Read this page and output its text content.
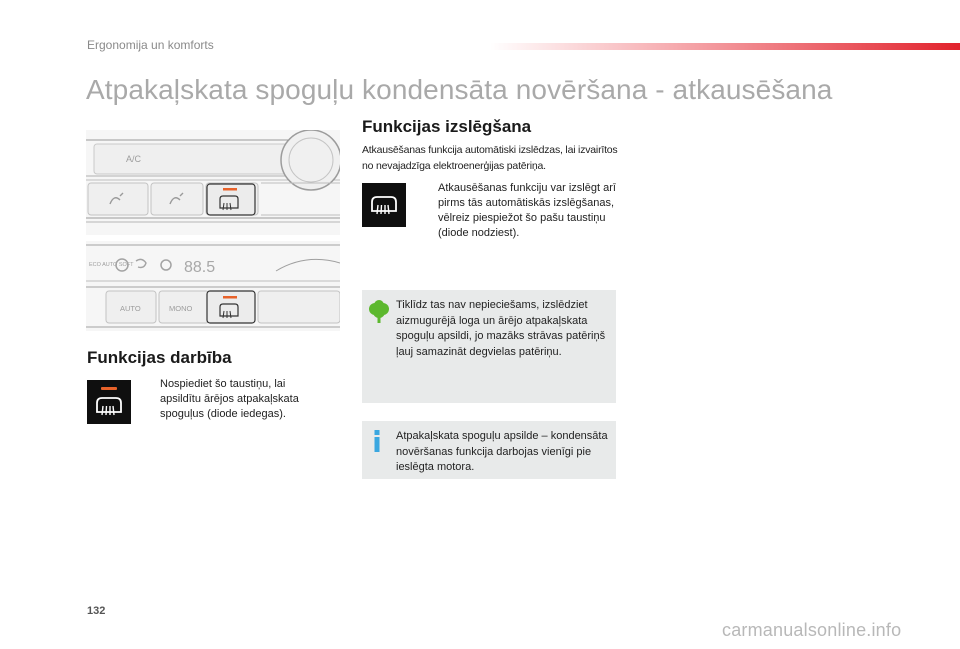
Ergonomija un komforts
Atpakaļskata spoguļu kondensāta novēršana - atkausēšana
A/C
ECO AUTO SOFT	88.5
AUTO	MONO
Funkcijas darbība
Nospiediet šo taustiņu, lai apsildītu ārējos atpakaļskata spoguļus (diode iedegas).
Funkcijas izslēgšana

Atkausēšanas funkcija automātiski izslēdzas, lai izvairītos no nevajadzīga elektroenerģijas patēriņa.

Atkausēšanas funkciju var izslēgt arī pirms tās automātiskās izslēgšanas, vēlreiz piespiežot šo pašu taustiņu (diode nodziest).
Tiklīdz tas nav nepieciešams, izslēdziet aizmugurējā loga un ārējo atpakaļskata spoguļu apsildi, jo mazāks strāvas patēriņš ļauj samazināt degvielas patēriņu.
Atpakaļskata spoguļu apsilde – kondensāta novēršanas funkcija darbojas vienīgi pie ieslēgta motora.
132
carmanualsonline.info
